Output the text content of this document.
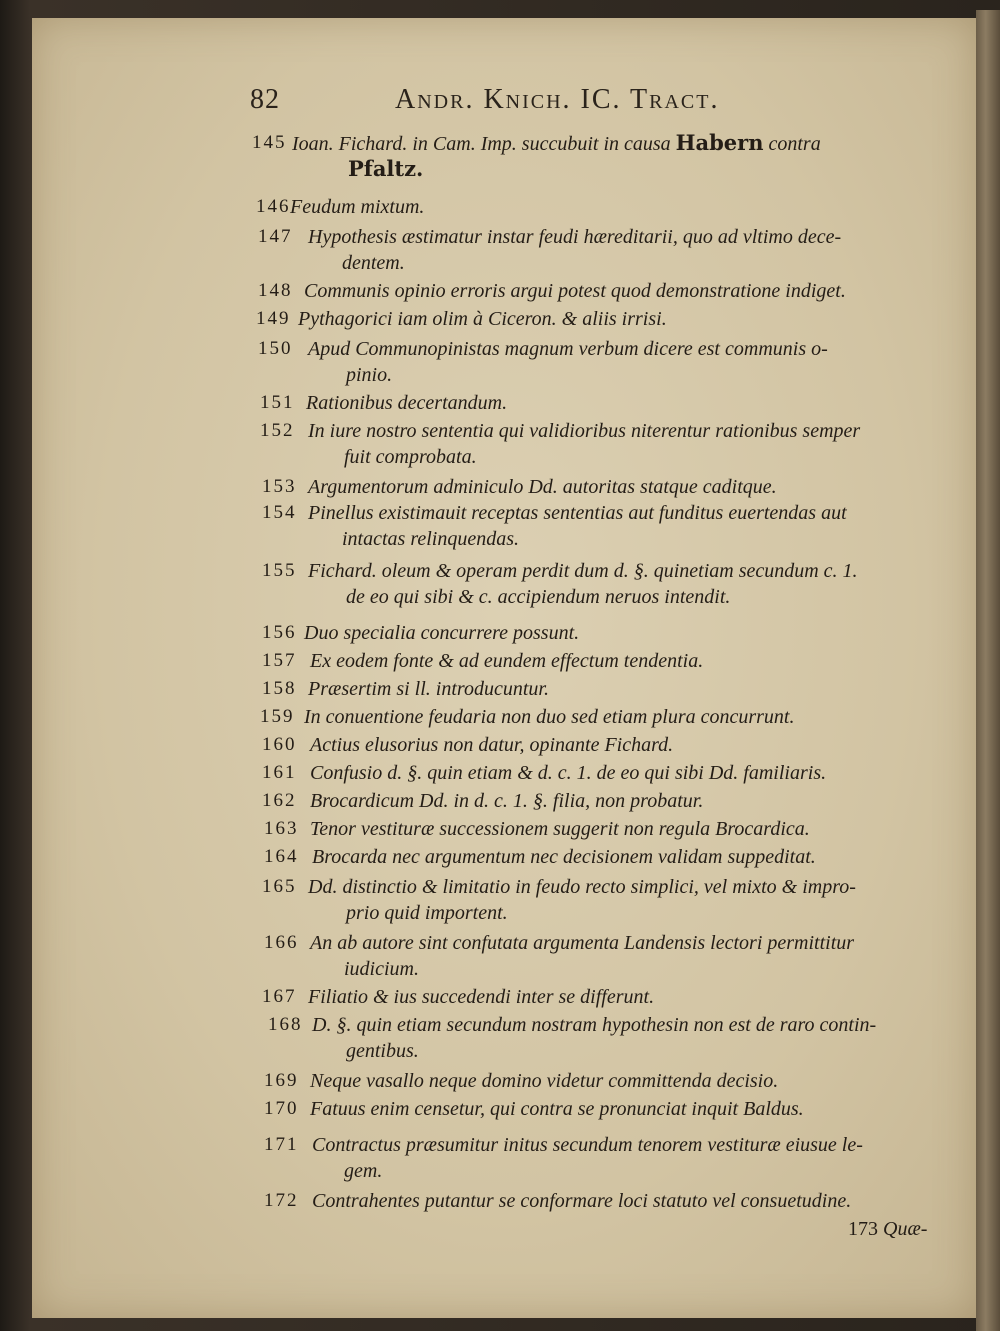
82	Andr. Knich. IC. Tract.
145 Ioan. Fichard. in Cam. Imp. succubuit in causa Habern contra
Pfaltz.
146 Feudum mixtum.
147 Hypothesis æstimatur instar feudi hæreditarii, quo ad vltimo dece-
dentem.
148 Communis opinio erroris argui potest quod demonstratione indiget.
149 Pythagorici iam olim à Ciceron. & aliis irrisi.
150 Apud Communopinistas magnum verbum dicere est communis o-
pinio.
151 Rationibus decertandum.
152 In iure nostro sententia qui validioribus niterentur rationibus semper
fuit comprobata.
153 Argumentorum adminiculo Dd. autoritas statque caditque.
154 Pinellus existimauit receptas sententias aut funditus euertendas aut
intactas relinquendas.
155 Fichard. oleum & operam perdit dum d. §. quinetiam secundum c. 1.
de eo qui sibi & c. accipiendum neruos intendit.
156 Duo specialia concurrere possunt.
157 Ex eodem fonte & ad eundem effectum tendentia.
158 Præsertim si ll. introducuntur.
159 In conuentione feudaria non duo sed etiam plura concurrunt.
160 Actius elusorius non datur, opinante Fichard.
161 Confusio d. §. quin etiam & d. c. 1. de eo qui sibi Dd. familiaris.
162 Brocardicum Dd. in d. c. 1. §. filia, non probatur.
163 Tenor vestituræ successionem suggerit non regula Brocardica.
164 Brocarda nec argumentum nec decisionem validam suppeditat.
165 Dd. distinctio & limitatio in feudo recto simplici, vel mixto & impro-
prio quid importent.
166 An ab autore sint confutata argumenta Landensis lectori permittitur
iudicium.
167 Filiatio & ius succedendi inter se differunt.
168 D. §. quin etiam secundum nostram hypothesin non est de raro contin-
gentibus.
169 Neque vasallo neque domino videtur committenda decisio.
170 Fatuus enim censetur, qui contra se pronunciat inquit Baldus.
171 Contractus præsumitur initus secundum tenorem vestituræ eiusue le-
gem.
172 Contrahentes putantur se conformare loci statuto vel consuetudine.
173 Quæ-
